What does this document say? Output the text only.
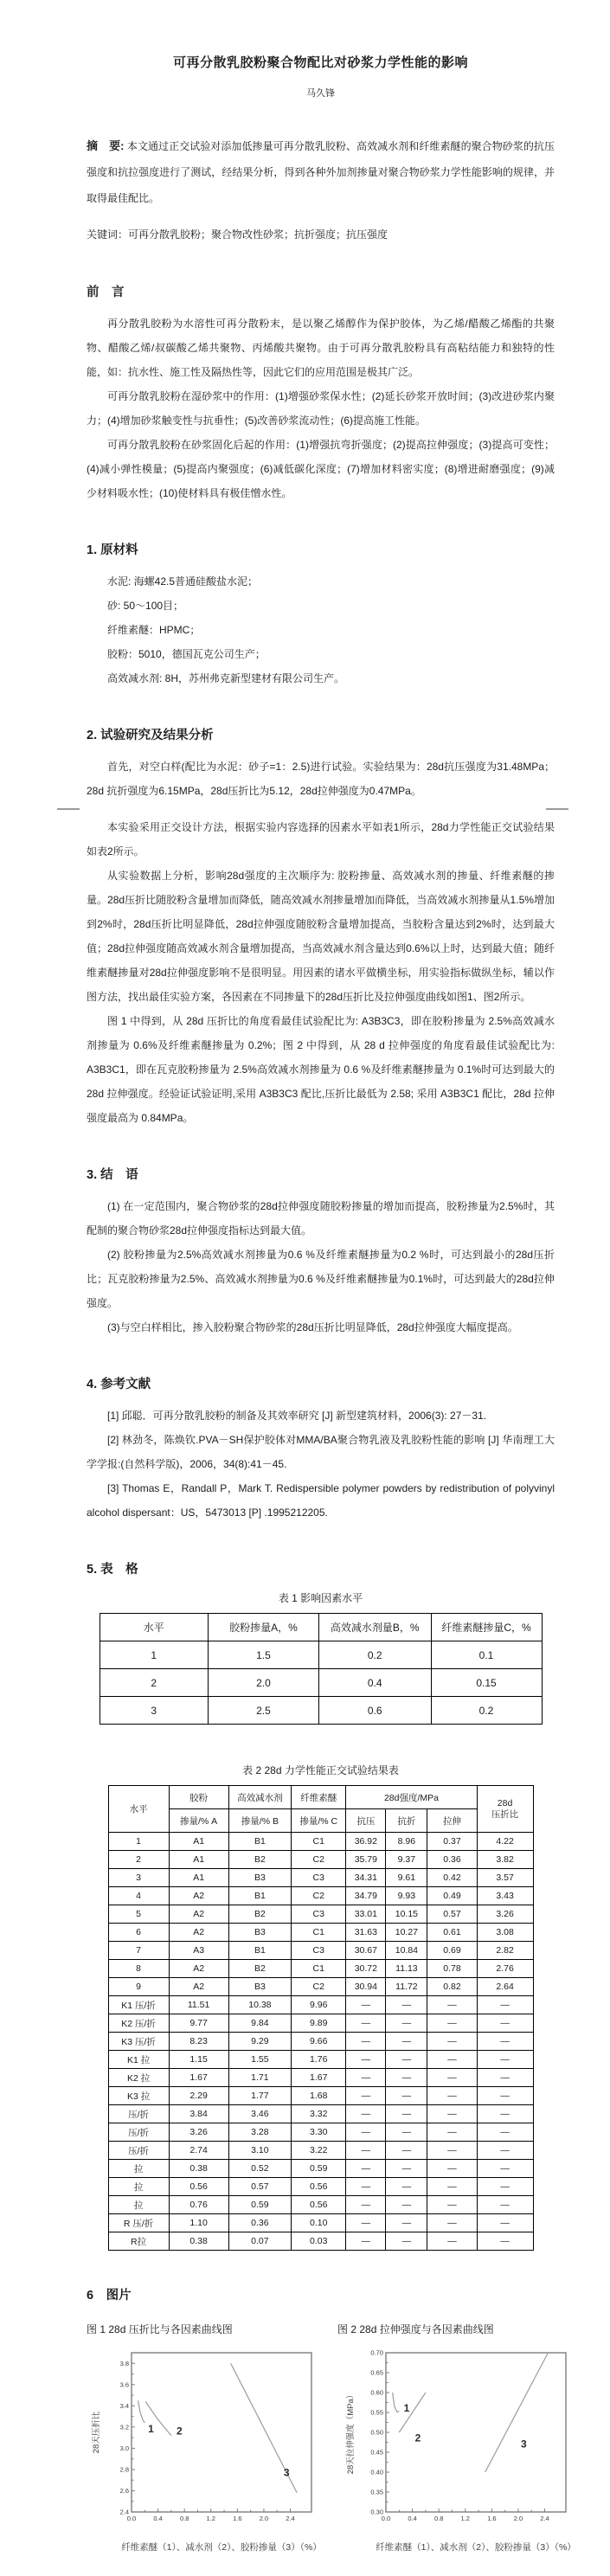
可再分散乳胶粉聚合物配比对砂浆力学性能的影响
马久锋

摘　要: 本文通过正交试验对添加低掺量可再分散乳胶粉、高效减水剂和纤维素醚的聚合物砂浆的抗压强度和抗拉强度进行了测试，经结果分析，得到各种外加剂掺量对聚合物砂浆力学性能影响的规律，并取得最佳配比。

关键词：可再分散乳胶粉；聚合物改性砂浆；抗折强度；抗压强度
前　言

再分散乳胶粉为水溶性可再分散粉末，是以聚乙烯醇作为保护胶体，为乙烯/醋酸乙烯酯的共聚物、醋酸乙烯/叔碳酸乙烯共聚物、丙烯酸共聚物。由于可再分散乳胶粉具有高粘结能力和独特的性能，如：抗水性、施工性及隔热性等，因此它们的应用范围是极其广泛。

可再分散乳胶粉在湿砂浆中的作用：(1)增强砂浆保水性；(2)延长砂浆开放时间；(3)改进砂浆内聚力；(4)增加砂浆触变性与抗垂性；(5)改善砂浆流动性；(6)提高施工性能。

可再分散乳胶粉在砂浆固化后起的作用：(1)增强抗弯折强度；(2)提高拉伸强度；(3)提高可变性；(4)减小弹性模量；(5)提高内聚强度；(6)减低碳化深度；(7)增加材料密实度；(8)增进耐磨强度；(9)减少材料吸水性；(10)使材料具有极佳憎水性。

1. 原材料

水泥: 海螺42.5普通硅酸盐水泥；

砂: 50～100目；

纤维素醚：HPMC；

胶粉：5010，德国瓦克公司生产；

高效减水剂: 8H，苏州弗克新型建材有限公司生产。

2. 试验研究及结果分析

首先，对空白样(配比为水泥：砂子=1：2.5)进行试验。实验结果为：28d抗压强度为31.48MPa； 28d 抗折强度为6.15MPa，28d压折比为5.12，28d拉伸强度为0.47MPa。

本实验采用正交设计方法，根据实验内容选择的因素水平如表1所示，28d力学性能正交试验结果如表2所示。

从实验数据上分析，影响28d强度的主次顺序为: 胶粉掺量、高效减水剂的掺量、纤维素醚的掺量。28d压折比随胶粉含量增加而降低，随高效减水剂掺量增加而降低，当高效减水剂掺量从1.5%增加到2%时，28d压折比明显降低，28d拉伸强度随胶粉含量增加提高，当胶粉含量达到2%时，达到最大值；28d拉伸强度随高效减水剂含量增加提高，当高效减水剂含量达到0.6%以上时，达到最大值；随纤维素醚掺量对28d拉伸强度影响不是很明显。用因素的诸水平做横坐标，用实验指标做纵坐标，辅以作图方法，找出最佳实验方案，各因素在不同掺量下的28d压折比及拉伸强度曲线如图1、图2所示。

图 1 中得到，从 28d 压折比的角度看最佳试验配比为: A3B3C3，即在胶粉掺量为 2.5%高效减水剂掺量为 0.6%及纤维素醚掺量为 0.2%；图 2 中得到，从 28 d 拉伸强度的角度看最佳试验配比为: A3B3C1，即在瓦克胶粉掺量为 2.5%高效减水剂掺量为 0.6 %及纤维素醚掺量为 0.1%时可达到最大的 28d 拉伸强度。经验证试验证明,采用 A3B3C3 配比,压折比最低为 2.58; 采用 A3B3C1 配比，28d 拉伸强度最高为 0.84MPa。

3. 结　语

(1) 在一定范围内，聚合物砂浆的28d拉伸强度随胶粉掺量的增加而提高，胶粉掺量为2.5%时，其配制的聚合物砂浆28d拉伸强度指标达到最大值。

(2) 胶粉掺量为2.5%高效减水剂掺量为0.6 %及纤维素醚掺量为0.2 %时，可达到最小的28d压折比；瓦克胶粉掺量为2.5%、高效减水剂掺量为0.6 %及纤维素醚掺量为0.1%时，可达到最大的28d拉伸强度。

(3)与空白样相比，掺入胶粉聚合物砂浆的28d压折比明显降低，28d拉伸强度大幅度提高。

4. 参考文献

[1] 邱聪．可再分散乳胶粉的制备及其效率研究 [J] 新型建筑材料，2006(3): 27－31.

[2] 林劲冬，陈焕钦.PVA－SH保护胶体对MMA/BA聚合物乳液及乳胶粉性能的影响 [J] 华南理工大学学报:(自然科学版)，2006，34(8):41－45.

[3] Thomas E，Randall P，Mark T. Redispersible polymer powders by redistribution of polyvinyl alcohol dispersant：US，5473013 [P] .1995212205.

5. 表　格
表 1 影响因素水平
水平	胶粉掺量A，%	高效减水剂量B，%	纤维素醚掺量C，%
1	1.5	0.2	0.1
2	2.0	0.4	0.15
3	2.5	0.6	0.2
表 2 28d 力学性能正交试验结果表
水平	胶粉	高效减水剂	纤维素醚	28d强度/MPa			28d
压折比

	掺量/% A	掺量/% B	掺量/% C	抗压	抗折	拉伸	
1	A1	B1	C1	36.92	8.96	0.37	4.22
2	A1	B2	C2	35.79	9.37	0.36	3.82
3	A1	B3	C3	34.31	9.61	0.42	3.57
4	A2	B1	C2	34.79	9.93	0.49	3.43
5	A2	B2	C3	33.01	10.15	0.57	3.26
6	A2	B3	C1	31.63	10.27	0.61	3.08
7	A3	B1	C3	30.67	10.84	0.69	2.82
8	A2	B2	C1	30.72	11.13	0.78	2.76
9	A2	B3	C2	30.94	11.72	0.82	2.64
K1 压/折	11.51	10.38	9.96	—	—	—	—
K2 压/折	9.77	9.84	9.89	—	—	—	—
K3 压/折	8.23	9.29	9.66	—	—	—	—
K1 拉	1.15	1.55	1.76	—	—	—	—
K2 拉	1.67	1.71	1.67	—	—	—	—
K3 拉	2.29	1.77	1.68	—	—	—	—
压/折	3.84	3.46	3.32	—	—	—	—
压/折	3.26	3.28	3.30	—	—	—	—
压/折	2.74	3.10	3.22	—	—	—	—
拉	0.38	0.52	0.59	—	—	—	—
拉	0.56	0.57	0.56	—	—	—	—
拉	0.76	0.59	0.56	—	—	—	—
R 压/折	1.10	0.36	0.10	—	—	—	—
R拉	0.38	0.07	0.03	—	—	—	—
6　图片
图 1 28d 压折比与各因素曲线图	图 2 28d 拉伸强度与各因素曲线图
2.4
2.6
2.8
3.0
3.2
3.4
3.6
3.8
0.0	0.4	0.8	1.2	1.6	2.0	2.4
1 2
3
28天压折比
纤维素醚（1）、减水剂（2）、胶粉掺量（3）（%）
0.30
0.35
0.40
0.45
0.50
0.55
0.60
0.65
0.70
0.0	0.4	0.8	1.2	1.6	2.0	2.4
1
2	3
28天拉伸强度（MPa）
纤维素醚（1）、减水剂（2）、胶粉掺量（3）（%）
